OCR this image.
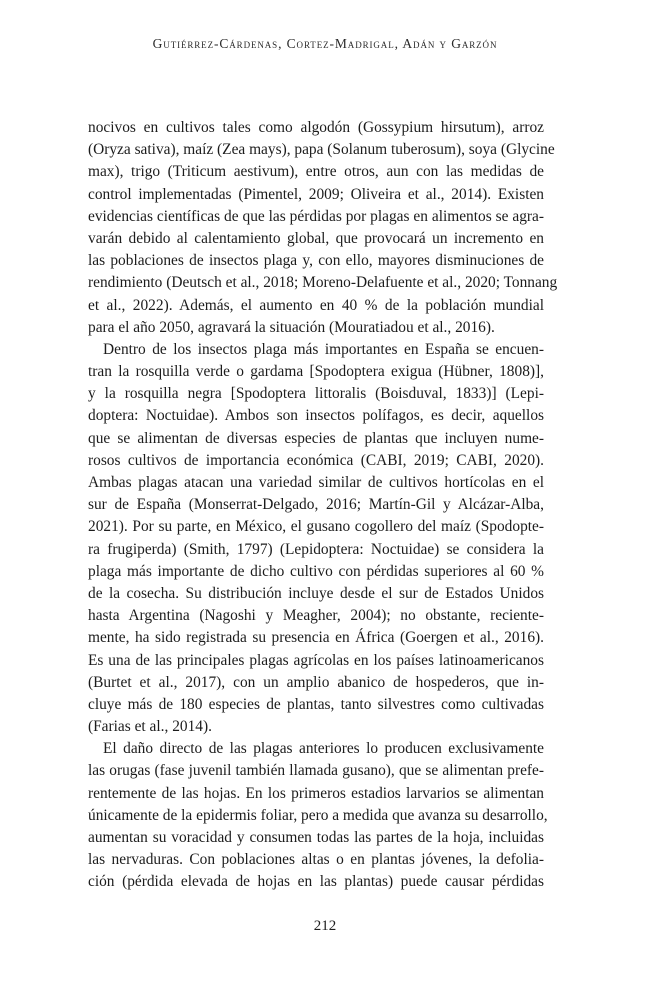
Gutiérrez-Cárdenas, Cortez-Madrigal, Adán y Garzón
nocivos en cultivos tales como algodón (Gossypium hirsutum), arroz
(Oryza sativa), maíz (Zea mays), papa (Solanum tuberosum), soya (Glycine
max), trigo (Triticum aestivum), entre otros, aun con las medidas de
control implementadas (Pimentel, 2009; Oliveira et al., 2014). Existen
evidencias científicas de que las pérdidas por plagas en alimentos se agra-
varán debido al calentamiento global, que provocará un incremento en
las poblaciones de insectos plaga y, con ello, mayores disminuciones de
rendimiento (Deutsch et al., 2018; Moreno-Delafuente et al., 2020; Tonnang
et al., 2022). Además, el aumento en 40 % de la población mundial
para el año 2050, agravará la situación (Mouratiadou et al., 2016).
Dentro de los insectos plaga más importantes en España se encuen-
tran la rosquilla verde o gardama [Spodoptera exigua (Hübner, 1808)],
y la rosquilla negra [Spodoptera littoralis (Boisduval, 1833)] (Lepi-
doptera: Noctuidae). Ambos son insectos polífagos, es decir, aquellos
que se alimentan de diversas especies de plantas que incluyen nume-
rosos cultivos de importancia económica (CABI, 2019; CABI, 2020).
Ambas plagas atacan una variedad similar de cultivos hortícolas en el
sur de España (Monserrat-Delgado, 2016; Martín-Gil y Alcázar-Alba,
2021). Por su parte, en México, el gusano cogollero del maíz (Spodopte-
ra frugiperda) (Smith, 1797) (Lepidoptera: Noctuidae) se considera la
plaga más importante de dicho cultivo con pérdidas superiores al 60 %
de la cosecha. Su distribución incluye desde el sur de Estados Unidos
hasta Argentina (Nagoshi y Meagher, 2004); no obstante, reciente-
mente, ha sido registrada su presencia en África (Goergen et al., 2016).
Es una de las principales plagas agrícolas en los países latinoamericanos
(Burtet et al., 2017), con un amplio abanico de hospederos, que in-
cluye más de 180 especies de plantas, tanto silvestres como cultivadas
(Farias et al., 2014).
El daño directo de las plagas anteriores lo producen exclusivamente
las orugas (fase juvenil también llamada gusano), que se alimentan prefe-
rentemente de las hojas. En los primeros estadios larvarios se alimentan
únicamente de la epidermis foliar, pero a medida que avanza su desarrollo,
aumentan su voracidad y consumen todas las partes de la hoja, incluidas
las nervaduras. Con poblaciones altas o en plantas jóvenes, la defolia-
ción (pérdida elevada de hojas en las plantas) puede causar pérdidas
212
